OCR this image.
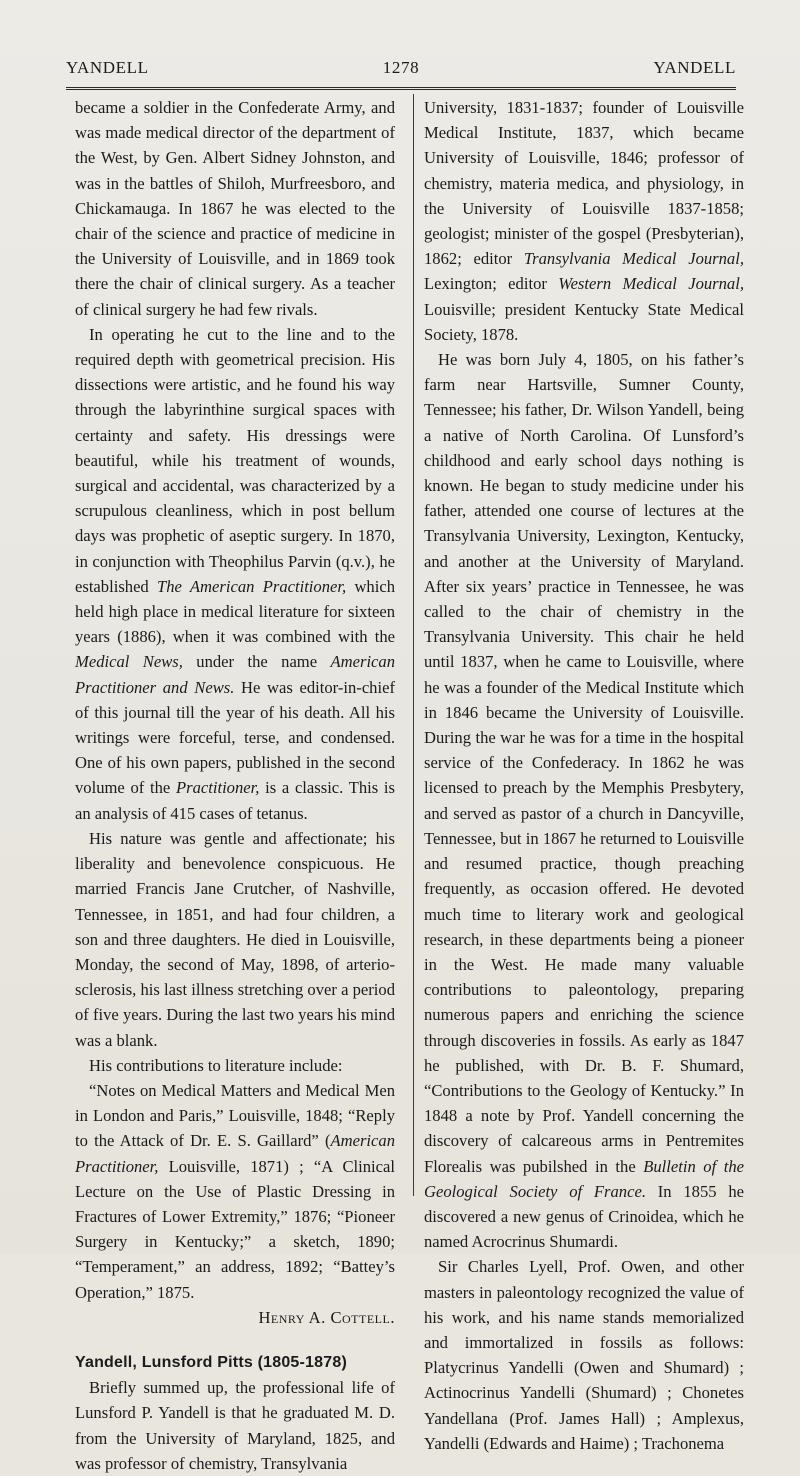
YANDELL	1278	YANDELL

became a soldier in the Confederate Army, and was made medical director of the department of the West, by Gen. Albert Sidney Johnston, and was in the battles of Shiloh, Murfreesboro, and Chickamauga. In 1867 he was elected to the chair of the science and practice of medicine in the University of Louisville, and in 1869 took there the chair of clinical surgery. As a teacher of clinical surgery he had few rivals.

In operating he cut to the line and to the required depth with geometrical precision. His dissections were artistic, and he found his way through the labyrinthine surgical spaces with certainty and safety. His dressings were beautiful, while his treatment of wounds, surgical and accidental, was characterized by a scrupulous cleanliness, which in post bellum days was prophetic of aseptic surgery. In 1870, in conjunction with Theophilus Parvin (q.v.), he established The American Practitioner, which held high place in medical literature for sixteen years (1886), when it was combined with the Medical News, under the name American Practitioner and News. He was editor-in-chief of this journal till the year of his death. All his writings were forceful, terse, and condensed. One of his own papers, published in the second volume of the Practitioner, is a classic. This is an analysis of 415 cases of tetanus.

His nature was gentle and affectionate; his liberality and benevolence conspicuous. He married Francis Jane Crutcher, of Nashville, Tennessee, in 1851, and had four children, a son and three daughters. He died in Louisville, Monday, the second of May, 1898, of arterio-sclerosis, his last illness stretching over a period of five years. During the last two years his mind was a blank.

His contributions to literature include:

“Notes on Medical Matters and Medical Men in London and Paris,” Louisville, 1848; “Reply to the Attack of Dr. E. S. Gaillard” (American Practitioner, Louisville, 1871) ; “A Clinical Lecture on the Use of Plastic Dressing in Fractures of Lower Extremity,” 1876; “Pioneer Surgery in Kentucky;” a sketch, 1890; “Temperament,” an address, 1892; “Battey’s Operation,” 1875.

Henry A. Cottell.

Yandell, Lunsford Pitts (1805-1878)

Briefly summed up, the professional life of Lunsford P. Yandell is that he graduated M. D. from the University of Maryland, 1825, and was professor of chemistry, Transylvania

University, 1831-1837; founder of Louisville Medical Institute, 1837, which became University of Louisville, 1846; professor of chemistry, materia medica, and physiology, in the University of Louisville 1837-1858; geologist; minister of the gospel (Presbyterian), 1862; editor Transylvania Medical Journal, Lexington; editor Western Medical Journal, Louisville; president Kentucky State Medical Society, 1878.

He was born July 4, 1805, on his father’s farm near Hartsville, Sumner County, Tennessee; his father, Dr. Wilson Yandell, being a native of North Carolina. Of Lunsford’s childhood and early school days nothing is known. He began to study medicine under his father, attended one course of lectures at the Transylvania University, Lexington, Kentucky, and another at the University of Maryland. After six years’ practice in Tennessee, he was called to the chair of chemistry in the Transylvania University. This chair he held until 1837, when he came to Louisville, where he was a founder of the Medical Institute which in 1846 became the University of Louisville. During the war he was for a time in the hospital service of the Confederacy. In 1862 he was licensed to preach by the Memphis Presbytery, and served as pastor of a church in Dancyville, Tennessee, but in 1867 he returned to Louisville and resumed practice, though preaching frequently, as occasion offered. He devoted much time to literary work and geological research, in these departments being a pioneer in the West. He made many valuable contributions to paleontology, preparing numerous papers and enriching the science through discoveries in fossils. As early as 1847 he published, with Dr. B. F. Shumard, “Contributions to the Geology of Kentucky.” In 1848 a note by Prof. Yandell concerning the discovery of calcareous arms in Pentremites Florealis was pubilshed in the Bulletin of the Geological Society of France. In 1855 he discovered a new genus of Crinoidea, which he named Acrocrinus Shumardi.

Sir Charles Lyell, Prof. Owen, and other masters in paleontology recognized the value of his work, and his name stands memorialized and immortalized in fossils as follows: Platycrinus Yandelli (Owen and Shumard) ; Actinocrinus Yandelli (Shumard) ; Chonetes Yandellana (Prof. James Hall) ; Amplexus, Yandelli (Edwards and Haime) ; Trachonema
